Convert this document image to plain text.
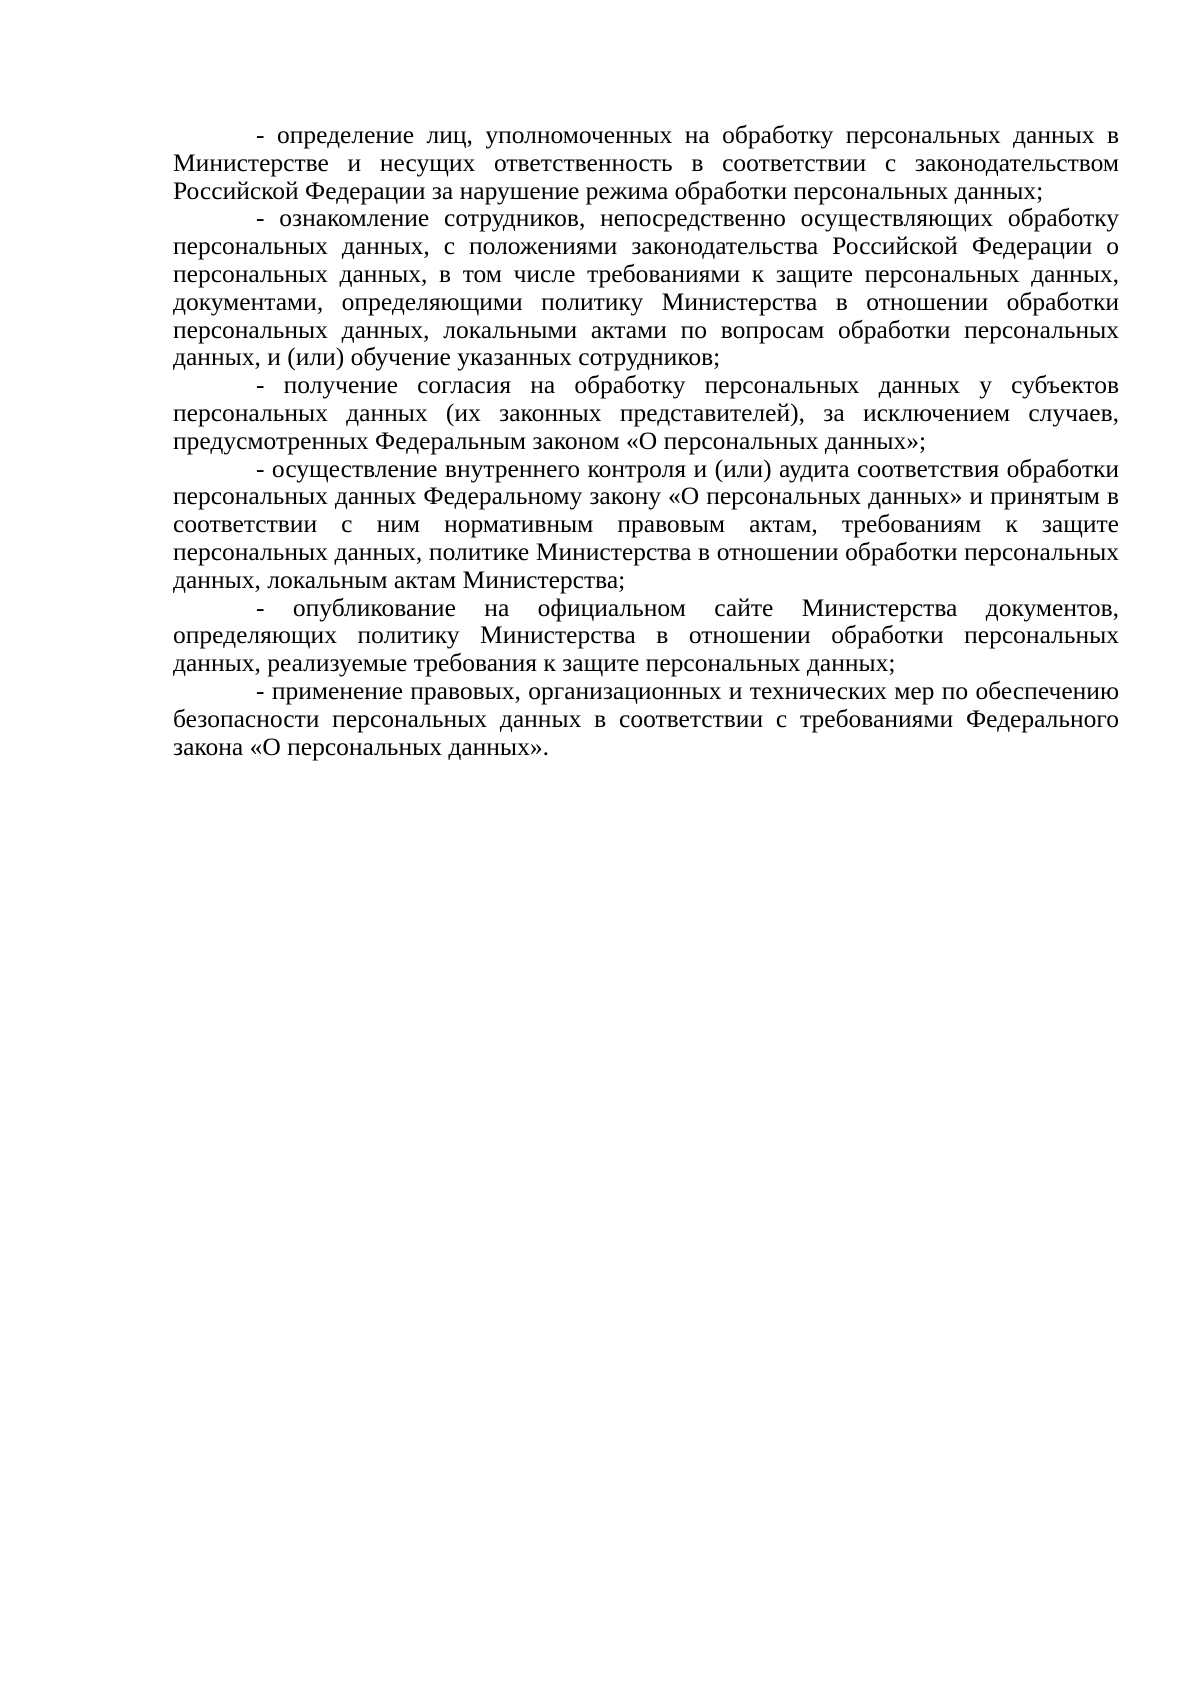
- определение лиц, уполномоченных на обработку персональных данных в Министерстве и несущих ответственность в соответствии с законодательством Российской Федерации за нарушение режима обработки персональных данных;

- ознакомление сотрудников, непосредственно осуществляющих обработку персональных данных, с положениями законодательства Российской Федерации о персональных данных, в том числе требованиями к защите персональных данных, документами, определяющими политику Министерства в отношении обработки персональных данных, локальными актами по вопросам обработки персональных данных, и (или) обучение указанных сотрудников;

- получение согласия на обработку персональных данных у субъектов персональных данных (их законных представителей), за исключением случаев, предусмотренных Федеральным законом «О персональных данных»;

- осуществление внутреннего контроля и (или) аудита соответствия обработки персональных данных Федеральному закону «О персональных данных» и принятым в соответствии с ним нормативным правовым актам, требованиям к защите персональных данных, политике Министерства в отношении обработки персональных данных, локальным актам Министерства;

- опубликование на официальном сайте Министерства документов, определяющих политику Министерства в отношении обработки персональных данных, реализуемые требования к защите персональных данных;

- применение правовых, организационных и технических мер по обеспечению безопасности персональных данных в соответствии с требованиями Федерального закона «О персональных данных».
